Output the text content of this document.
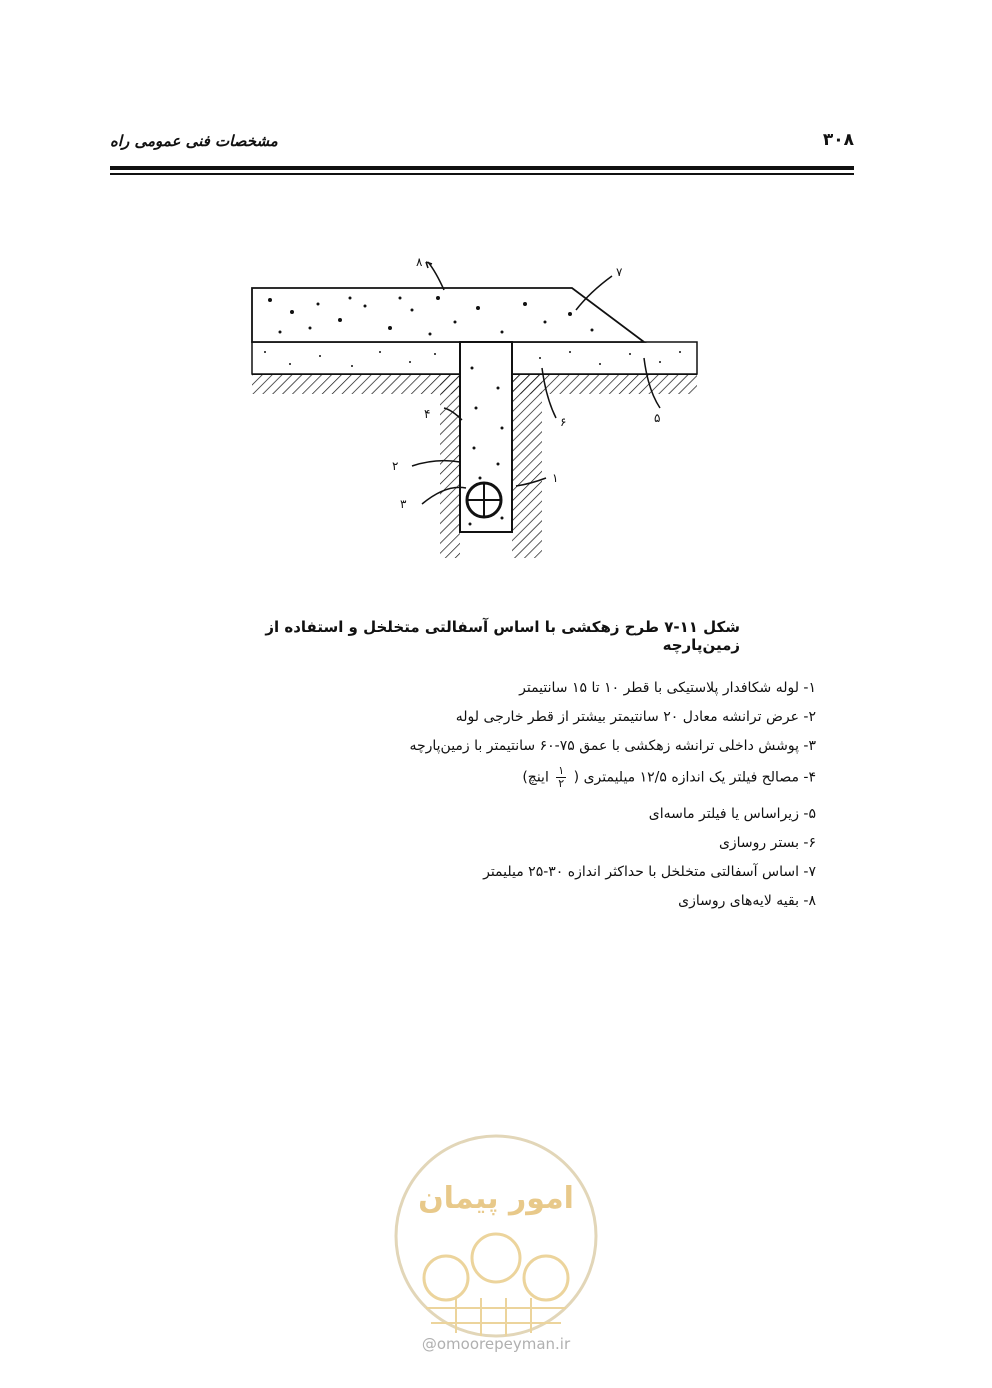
۳۰۸
مشخصات فنی عمومی راه
۸
۷
۵
۶
۴
۲
۳
۱
شکل ۱۱-۷ طرح زهکشی با اساس آسفالتی متخلخل و استفاده از زمین‌پارچه
۱- لوله شکافدار پلاستیکی با قطر ۱۰ تا ۱۵ سانتیمتر
۲- عرض ترانشه معادل ۲۰ سانتیمتر بیشتر از قطر خارجی لوله
۳- پوشش داخلی ترانشه زهکشی با عمق ۷۵-۶۰ سانتیمتر با زمین‌پارچه
۴- مصالح فیلتر یک اندازه ۱۲/۵ میلیمتری (
$\frac{۱}{۲}$
اینچ)
۵- زیراساس یا فیلتر ماسه‌ای
۶- بستر روسازی
۷- اساس آسفالتی متخلخل با حداکثر اندازه ۳۰-۲۵ میلیمتر
۸- بقیه لایه‌های روسازی
امور پیمان
@omoorepeyman.ir
